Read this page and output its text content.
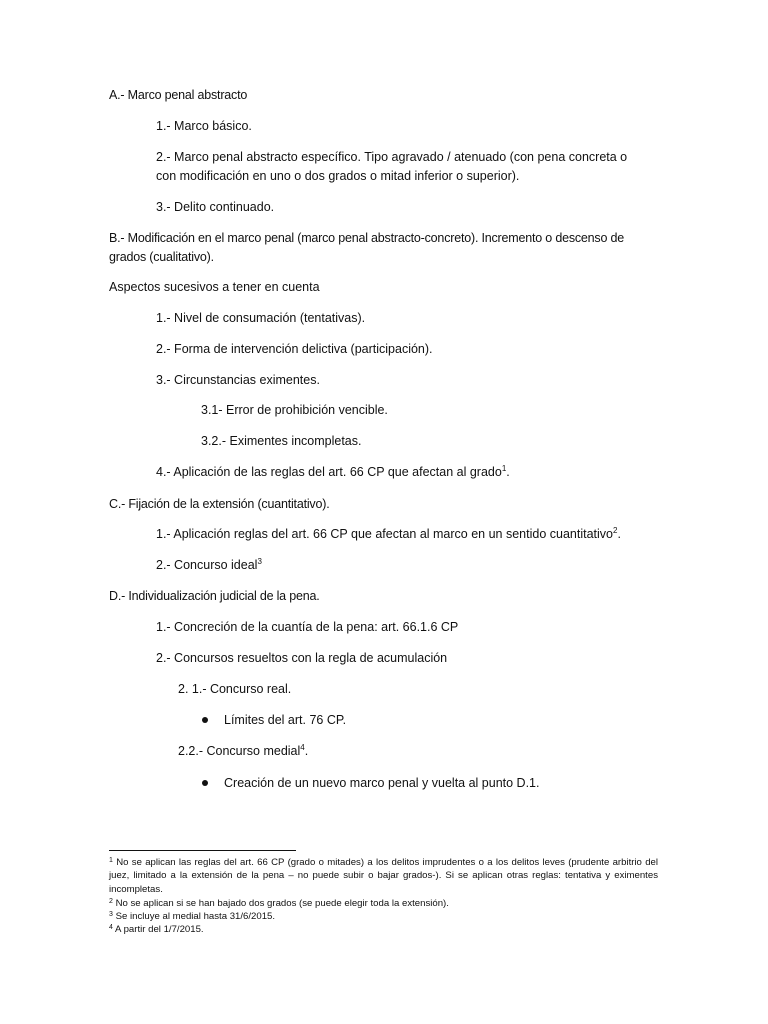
A.- Marco penal abstracto
1.- Marco básico.
2.- Marco penal abstracto específico. Tipo agravado / atenuado (con pena concreta o
con modificación en uno o dos grados o mitad inferior o superior).
3.- Delito continuado.
B.- Modificación en el marco penal (marco penal abstracto-concreto). Incremento o descenso de
grados (cualitativo).
Aspectos sucesivos a tener en cuenta
1.- Nivel de consumación (tentativas).
2.- Forma de intervención delictiva (participación).
3.- Circunstancias eximentes.
3.1- Error de prohibición vencible.
3.2.- Eximentes incompletas.
4.- Aplicación de las reglas del art. 66 CP que afectan al grado$^1$.
C.- Fijación de la extensión (cuantitativo).
1.- Aplicación reglas del art. 66 CP que afectan al marco en un sentido cuantitativo$^2$.
2.- Concurso ideal$^3$
D.- Individualización judicial de la pena.
1.- Concreción de la cuantía de la pena: art. 66.1.6 CP
2.- Concursos resueltos con la regla de acumulación
2. 1.- Concurso real.
Límites del art. 76 CP.
2.2.- Concurso medial$^4$.
Creación de un nuevo marco penal y vuelta al punto D.1.
$^1$ No se aplican las reglas del art. 66 CP (grado o mitades) a los delitos imprudentes o a los delitos leves (prudente arbitrio del juez, limitado a la extensión de la pena – no puede subir o bajar grados-). Si se aplican otras reglas: tentativa y eximentes incompletas.
$^2$ No se aplican si se han bajado dos grados (se puede elegir toda la extensión).
$^3$ Se incluye al medial hasta 31/6/2015.
$^4$ A partir del 1/7/2015.
